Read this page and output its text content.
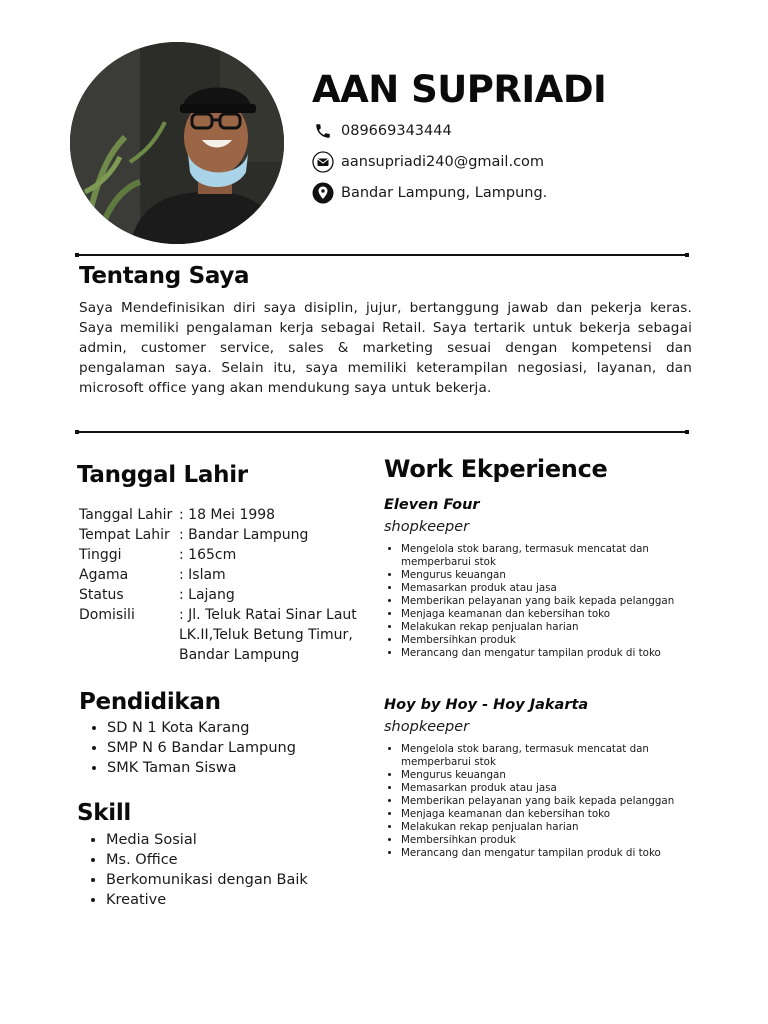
AAN SUPRIADI
089669343444
aansupriadi240@gmail.com
Bandar Lampung, Lampung.
Tentang Saya

Saya Mendefinisikan diri saya disiplin, jujur, bertanggung jawab dan pekerja keras. Saya memiliki pengalaman kerja sebagai Retail. Saya tertarik untuk bekerja sebagai admin, customer service, sales & marketing sesuai dengan kompetensi dan pengalaman saya. Selain itu, saya memiliki keterampilan negosiasi, layanan, dan microsoft office yang akan mendukung saya untuk bekerja.

Tanggal Lahir
Tanggal Lahir : 18 Mei 1998
Tempat Lahir : Bandar Lampung
Tinggi	: 165cm
Agama	: Islam
Status	: Lajang
Domisili	: Jl. Teluk Ratai Sinar Laut LK.II,Teluk Betung Timur, Bandar Lampung
Pendidikan
• SD N 1 Kota Karang
• SMP N 6 Bandar Lampung
• SMK Taman Siswa
Skill
• Media Sosial
• Ms. Office
• Berkomunikasi dengan Baik
• Kreative
Work Ekperience
Eleven Four
shopkeeper
• Mengelola stok barang, termasuk mencatat dan memperbarui stok
• Mengurus keuangan
• Memasarkan produk atau jasa
• Memberikan pelayanan yang baik kepada pelanggan
• Menjaga keamanan dan kebersihan toko
• Melakukan rekap penjualan harian
• Membersihkan produk
• Merancang dan mengatur tampilan produk di toko
Hoy by Hoy - Hoy Jakarta
shopkeeper
• Mengelola stok barang, termasuk mencatat dan memperbarui stok
• Mengurus keuangan
• Memasarkan produk atau jasa
• Memberikan pelayanan yang baik kepada pelanggan
• Menjaga keamanan dan kebersihan toko
• Melakukan rekap penjualan harian
• Membersihkan produk
• Merancang dan mengatur tampilan produk di toko
